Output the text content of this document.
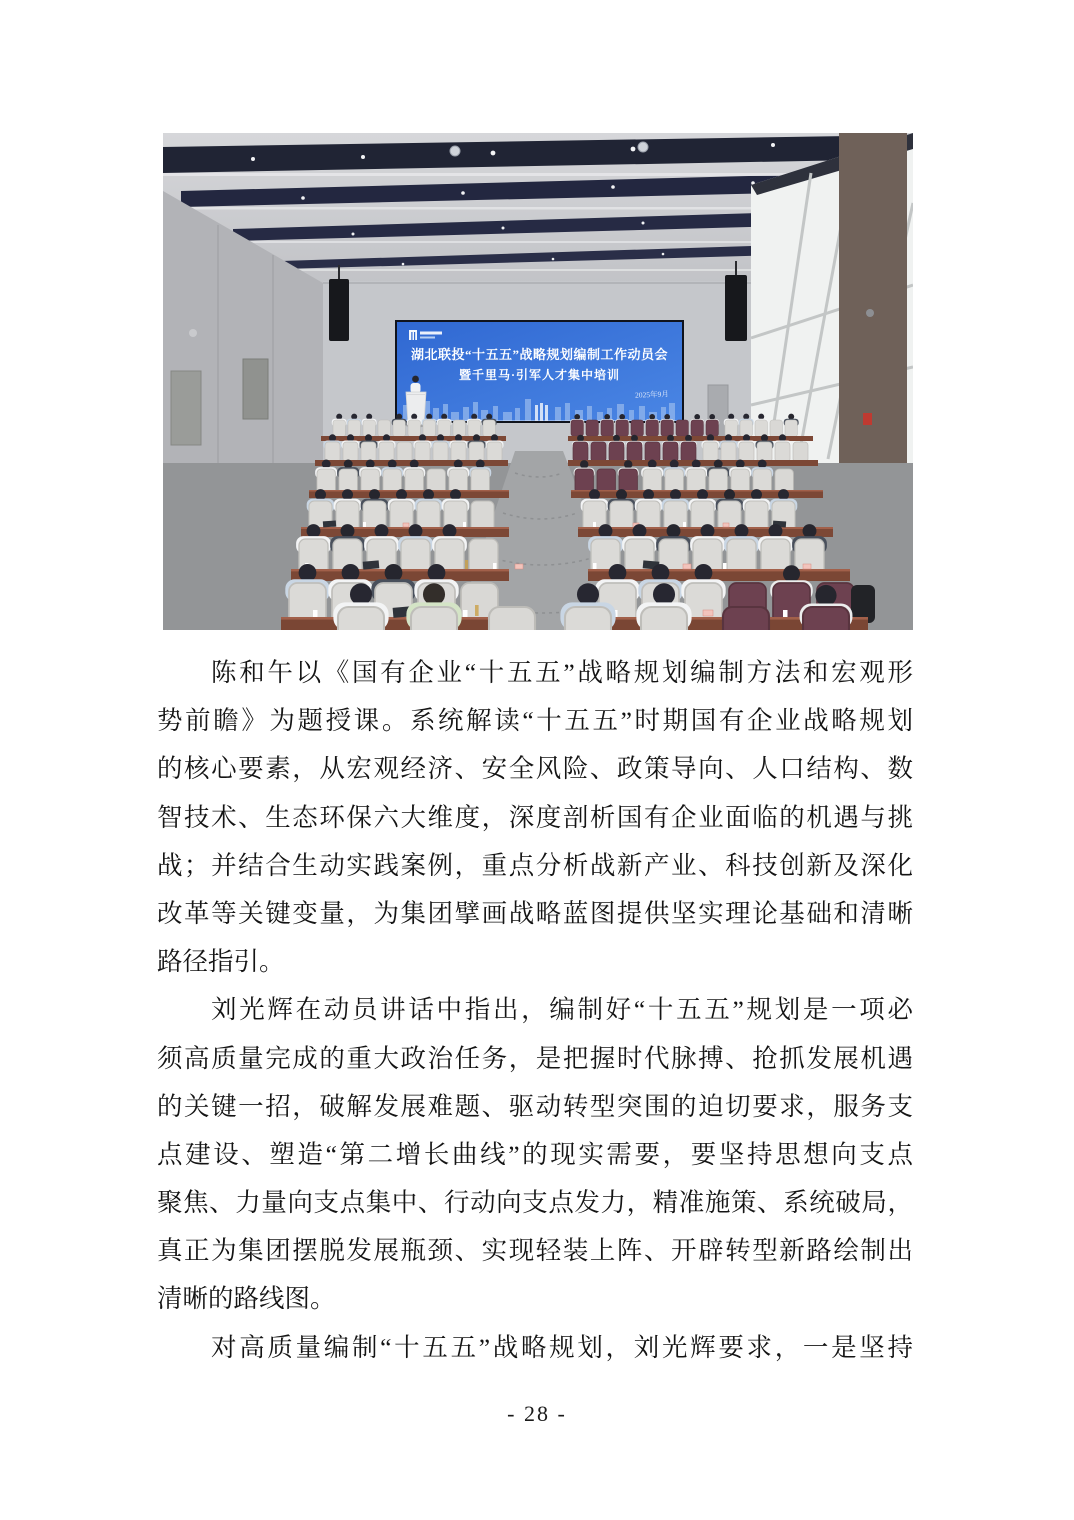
湖北联投“十五五”战略规划编制工作动员会
暨千里马·引军人才集中培训
2025年9月
陈和午以《国有企业“十五五”战略规划编制方法和宏观形
势前瞻》为题授课。系统解读“十五五”时期国有企业战略规划
的核心要素，从宏观经济、安全风险、政策导向、人口结构、数
智技术、生态环保六大维度，深度剖析国有企业面临的机遇与挑
战；并结合生动实践案例，重点分析战新产业、科技创新及深化
改革等关键变量，为集团擘画战略蓝图提供坚实理论基础和清晰
路径指引。
刘光辉在动员讲话中指出，编制好“十五五”规划是一项必
须高质量完成的重大政治任务，是把握时代脉搏、抢抓发展机遇
的关键一招，破解发展难题、驱动转型突围的迫切要求，服务支
点建设、塑造“第二增长曲线”的现实需要，要坚持思想向支点
聚焦、力量向支点集中、行动向支点发力，精准施策、系统破局，
真正为集团摆脱发展瓶颈、实现轻装上阵、开辟转型新路绘制出
清晰的路线图。
对高质量编制“十五五”战略规划，刘光辉要求，一是坚持
- 28 -
